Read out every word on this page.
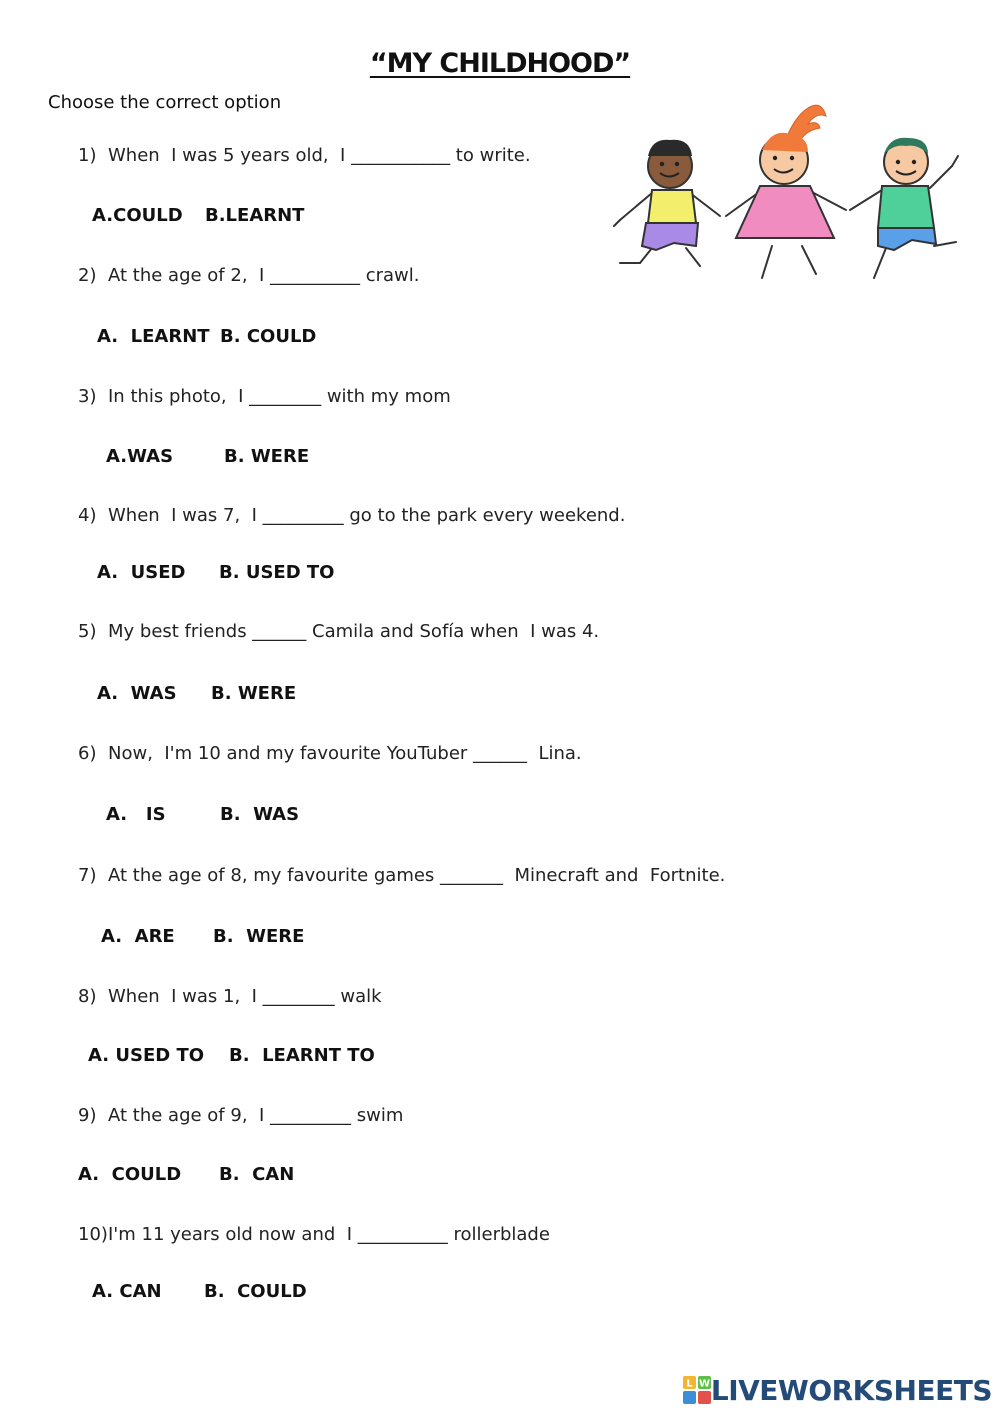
“MY CHILDHOOD”
Choose the correct option
1) When  I was 5 years old,  I ___________ to write.
A.COULD B.LEARNT
2) At the age of 2,  I __________ crawl.
A.  LEARNT B. COULD
3) In this photo,  I ________ with my mom
A.WAS	B. WERE
4) When  I was 7,  I _________ go to the park every weekend.
A.  USED B. USED TO
5) My best friends ______ Camila and Sofía when  I was 4.
A.  WAS B. WERE
6) Now,  I'm 10 and my favourite YouTuber ______  Lina.
A.   IS	B.  WAS
7) At the age of 8, my favourite games _______  Minecraft and  Fortnite.
A.  ARE B.  WERE
8) When  I was 1,  I ________ walk
A. USED TO B.  LEARNT TO
9) At the age of 9,  I _________ swim
A.  COULD B.  CAN
10)I'm 11 years old now and  I __________ rollerblade
A. CAN B.  COULD
L W LIVEWORKSHEETS
